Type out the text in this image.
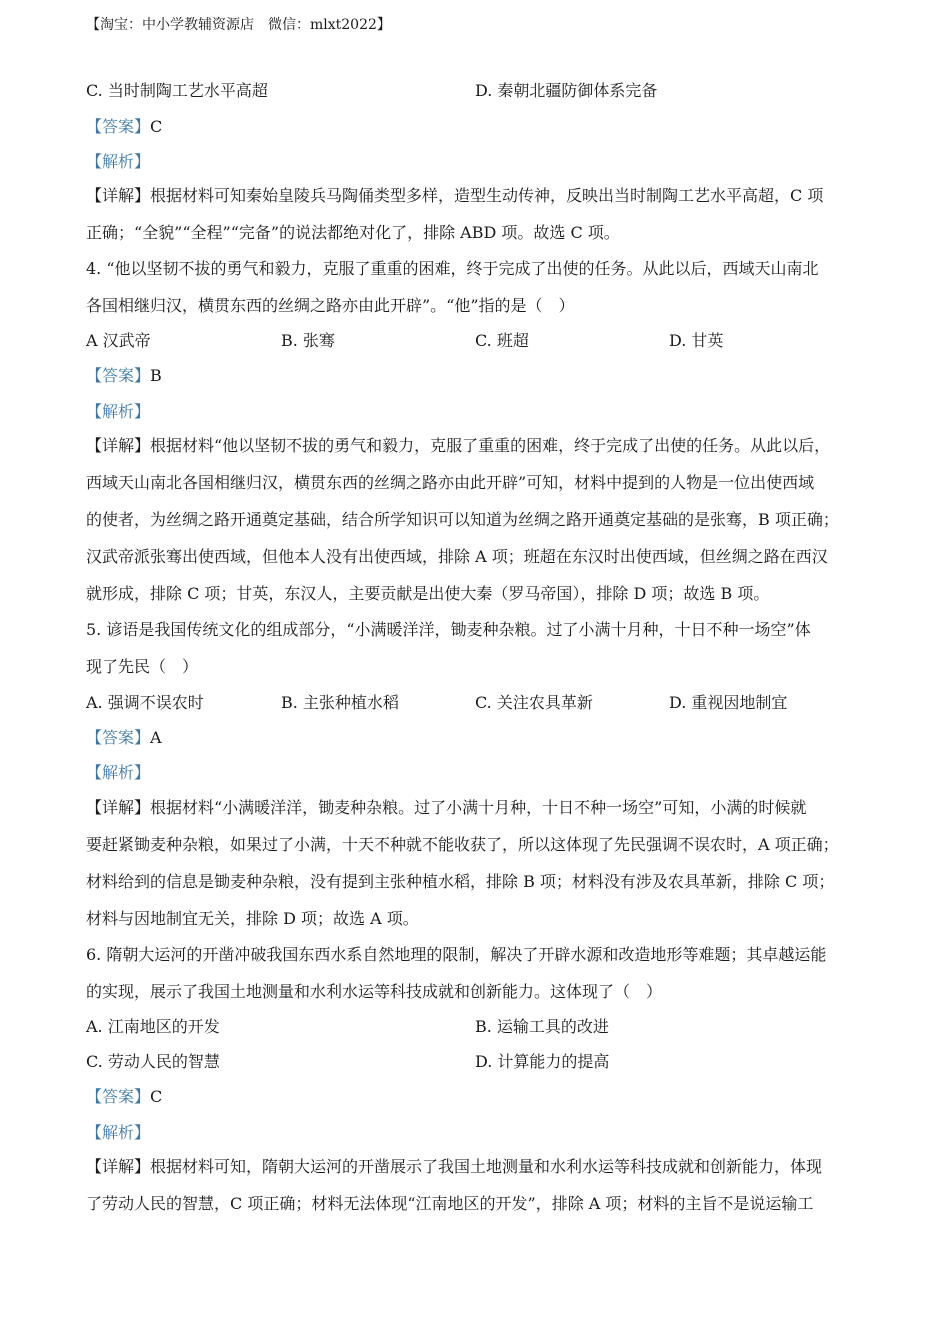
【淘宝：中小学教辅资源店　微信：mlxt2022】
C. 当时制陶工艺水平高超	D. 秦朝北疆防御体系完备
【答案】C
【解析】
【详解】根据材料可知秦始皇陵兵马陶俑类型多样，造型生动传神，反映出当时制陶工艺水平高超，C 项
正确；“全貌”“全程”“完备”的说法都绝对化了，排除 ABD 项。故选 C 项。
4. “他以坚韧不拔的勇气和毅力，克服了重重的困难，终于完成了出使的任务。从此以后，西域天山南北
各国相继归汉，横贯东西的丝绸之路亦由此开辟”。“他”指的是（　）
A 汉武帝	B. 张骞	C. 班超	D. 甘英
【答案】B
【解析】
【详解】根据材料“他以坚韧不拔的勇气和毅力，克服了重重的困难，终于完成了出使的任务。从此以后，
西域天山南北各国相继归汉，横贯东西的丝绸之路亦由此开辟”可知，材料中提到的人物是一位出使西域
的使者，为丝绸之路开通奠定基础，结合所学知识可以知道为丝绸之路开通奠定基础的是张骞，B 项正确；
汉武帝派张骞出使西域，但他本人没有出使西域，排除 A 项；班超在东汉时出使西域，但丝绸之路在西汉
就形成，排除 C 项；甘英，东汉人，主要贡献是出使大秦（罗马帝国），排除 D 项；故选 B 项。
5. 谚语是我国传统文化的组成部分，“小满暖洋洋，锄麦种杂粮。过了小满十月种，十日不种一场空”体
现了先民（　）
A. 强调不误农时	B. 主张种植水稻	C. 关注农具革新	D. 重视因地制宜
【答案】A
【解析】
【详解】根据材料“小满暖洋洋，锄麦种杂粮。过了小满十月种，十日不种一场空”可知，小满的时候就
要赶紧锄麦种杂粮，如果过了小满，十天不种就不能收获了，所以这体现了先民强调不误农时，A 项正确；
材料给到的信息是锄麦种杂粮，没有提到主张种植水稻，排除 B 项；材料没有涉及农具革新，排除 C 项；
材料与因地制宜无关，排除 D 项；故选 A 项。
6. 隋朝大运河的开凿冲破我国东西水系自然地理的限制，解决了开辟水源和改造地形等难题；其卓越运能
的实现，展示了我国土地测量和水利水运等科技成就和创新能力。这体现了（　）
A. 江南地区的开发	B. 运输工具的改进
C. 劳动人民的智慧	D. 计算能力的提高
【答案】C
【解析】
【详解】根据材料可知，隋朝大运河的开凿展示了我国土地测量和水利水运等科技成就和创新能力，体现
了劳动人民的智慧，C 项正确；材料无法体现“江南地区的开发”，排除 A 项；材料的主旨不是说运输工
